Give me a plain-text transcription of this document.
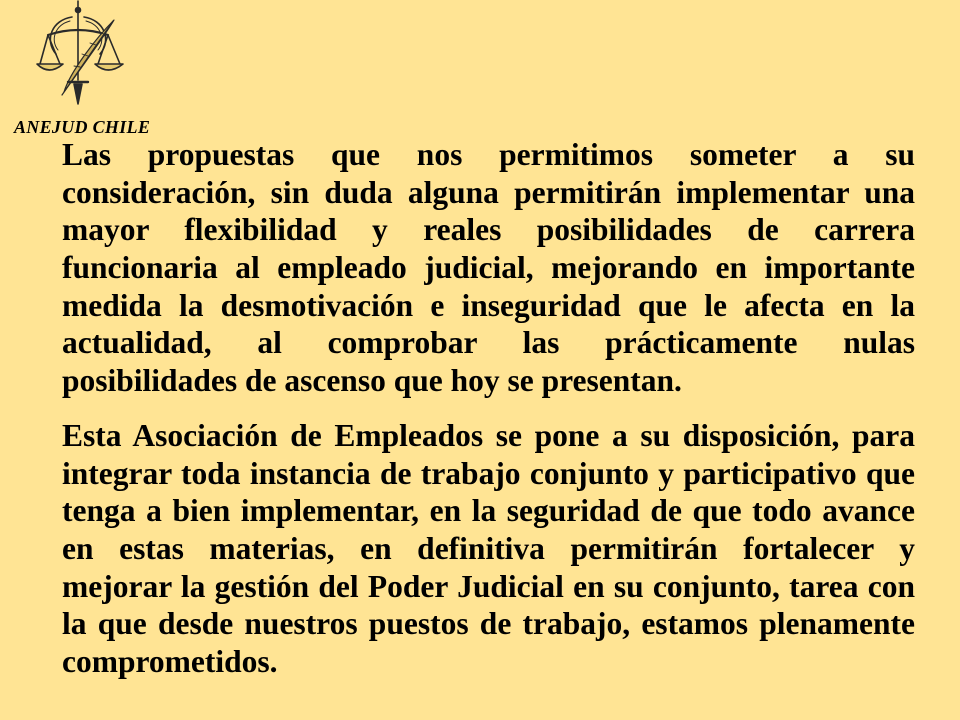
ANEJUD CHILE
Las propuestas que nos permitimos someter a su
consideración, sin duda alguna permitirán implementar una
mayor flexibilidad y reales posibilidades de carrera
funcionaria al empleado judicial, mejorando en importante
medida la desmotivación e inseguridad que le afecta en la
actualidad, al comprobar las prácticamente nulas
posibilidades de ascenso que hoy se presentan.
Esta Asociación de Empleados se pone a su disposición, para
integrar toda instancia de trabajo conjunto y participativo que
tenga a bien implementar, en la seguridad de que todo avance
en estas materias, en definitiva permitirán fortalecer y
mejorar la gestión del Poder Judicial en su conjunto, tarea con
la que desde nuestros puestos de trabajo, estamos plenamente
comprometidos.
